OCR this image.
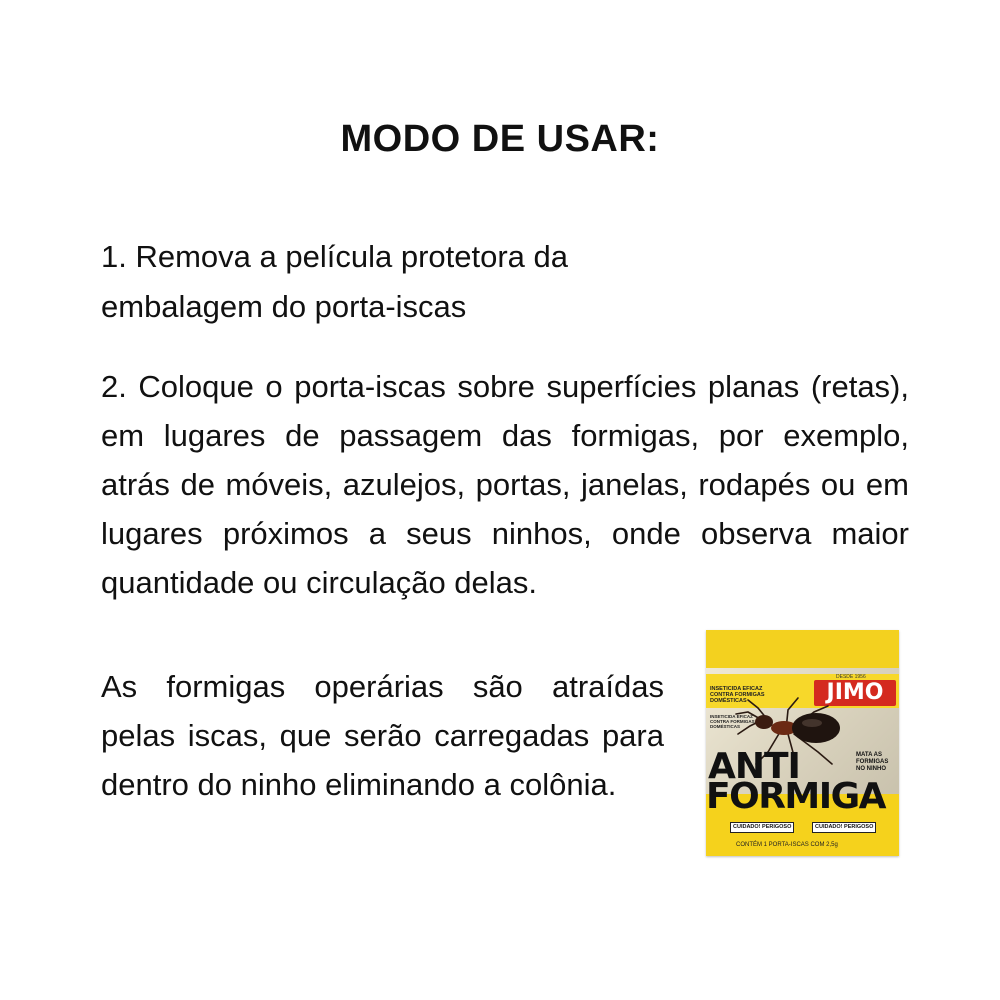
MODO DE USAR:
1. Remova a película protetora da embalagem do porta-iscas
2. Coloque o porta-iscas sobre superfícies planas (retas), em lugares de passagem das formigas, por exemplo, atrás de móveis, azulejos, portas, janelas, rodapés ou em lugares próximos a seus ninhos, onde observa maior quantidade ou circulação delas.
As formigas operárias são atraídas pelas iscas, que serão carregadas para dentro do ninho eliminando a colônia.
DESDE 1956
JIMO
INSETICIDA EFICAZ CONTRA FORMIGAS DOMÉSTICAS
INSETICIDA EFICAZ CONTRA FORMIGAS DOMÉSTICAS
MATA AS FORMIGAS NO NINHO
ANTI
FORMIGA
CUIDADO! PERIGOSO	CUIDADO! PERIGOSO
CONTÉM 1 PORTA-ISCAS COM 2,5g
